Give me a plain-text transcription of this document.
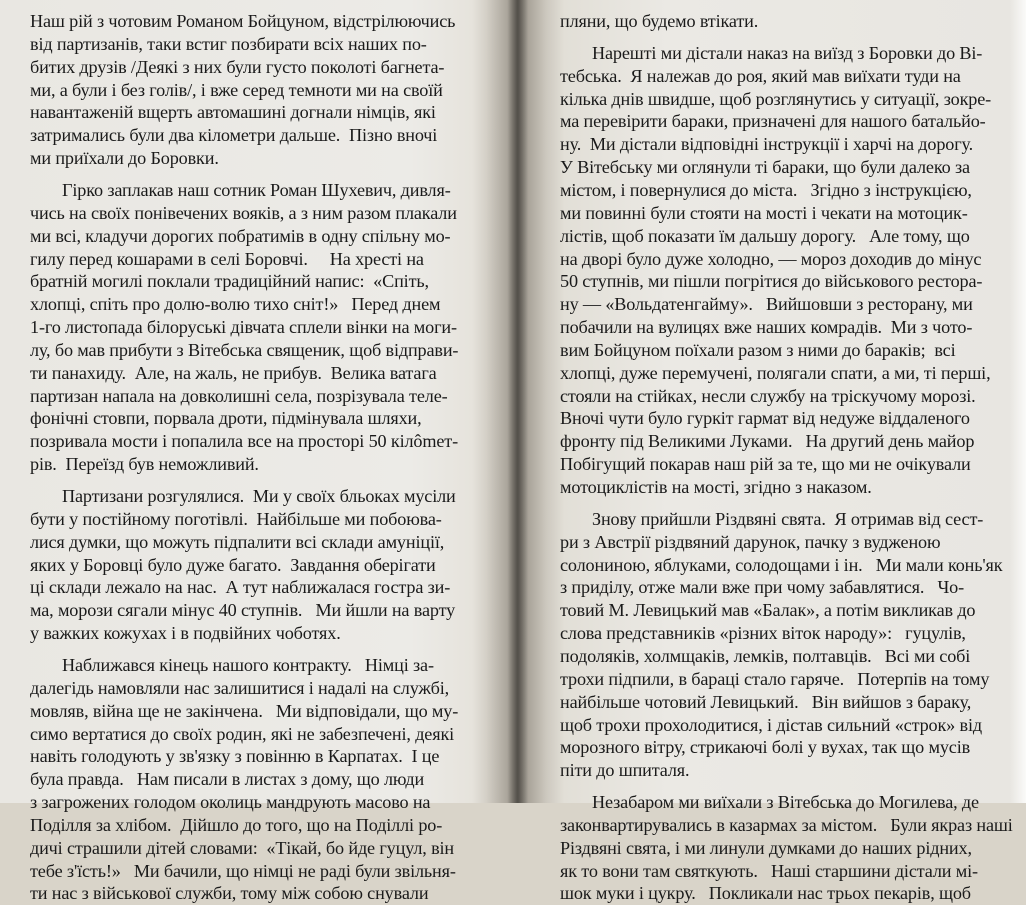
Наш рій з чотовим Романом Бойцуном, відстрілюючись
від партизанів, таки встиг позбирати всіх наших по-
битих друзів /Деякі з них були густо поколоті багнета-
ми, а були і без голів/, і вже серед темноти ми на своїй
навантаженій вщерть автомашині догнали німців, які
затримались були два кілометри дальше.  Пізно вночі
ми приїхали до Боровки.
Гірко заплакав наш сотник Роман Шухевич, дивля-
чись на своїх понівечених вояків, а з ним разом плакали
ми всі, кладучи дорогих побратимів в одну спільну мо-
гилу перед кошарами в селі Боровчі.     На хресті на
братній могилі поклали традиційний напис:  «Спіть,
хлопці, спіть про долю-волю тихо сніт!»   Перед днем
1-го листопада білоруські дівчата сплели вінки на моги-
лу, бо мав прибути з Вітебська священик, щоб відправи-
ти панахиду.  Але, на жаль, не прибув.  Велика ватага
партизан напала на довколишні села, позрізувала теле-
фонічні стовпи, порвала дроти, підмінувала шляхи,
позривала мости і попалила все на просторі 50 кілômет-
рів.  Переїзд був неможливий.
Партизани розгулялися.  Ми у своїх бльоках мусіли
бути у постійному поготівлі.  Найбільше ми побоюва-
лися думки, що можуть підпалити всі склади амуніції,
яких у Боровці було дуже багато.  Завдання оберігати
ці склади лежало на нас.  А тут наближалася гостра зи-
ма, морози сягали мінус 40 ступнів.   Ми йшли на варту
у важких кожухах і в подвійних чоботях.
Наближався кінець нашого контракту.   Німці за-
далегідь намовляли нас залишитися і надалі на службі,
мовляв, війна ще не закінчена.   Ми відповідали, що му-
симо вертатися до своїх родин, які не забезпечені, деякі
навіть голодують у зв'язку з повінню в Карпатах.  І це
була правда.   Нам писали в листах з дому, що люди
з загрожених голодом околиць мандрують масово на
Поділля за хлібом.  Дійшло до того, що на Поділлі ро-
дичі страшили дітей словами:  «Тікай, бо йде гуцул, він
тебе з'їсть!»   Ми бачили, що німці не раді були звільня-
ти нас з військової служби, тому між собою снували
пляни, що будемо втікати.
Нарешті ми дістали наказ на виїзд з Боровки до Ві-
тебська.  Я належав до роя, який мав виїхати туди на
кілька днів швидше, щоб розглянутись у ситуації, зокре-
ма перевірити бараки, призначені для нашого батальйо-
ну.  Ми дістали відповідні інструкції і харчі на дорогу.
У Вітебську ми оглянули ті бараки, що були далеко за
містом, і повернулися до міста.   Згідно з інструкцією,
ми повинні були стояти на мості і чекати на мотоцик-
лістів, щоб показати їм дальшу дорогу.   Але тому, що
на дворі було дуже холодно, — мороз доходив до мінус
50 ступнів, ми пішли погрітися до військового рестора-
ну — «Вольдатенгайму».   Вийшовши з ресторану, ми
побачили на вулицях вже наших комрадів.  Ми з чото-
вим Бойцуном поїхали разом з ними до бараків;  всі
хлопці, дуже перемучені, полягали спати, а ми, ті перші,
стояли на стійках, несли службу на тріскучому морозі.
Вночі чути було гуркіт гармат від недуже віддаленого
фронту під Великими Луками.   На другий день майор
Побігущий покарав наш рій за те, що ми не очікували
мотоциклістів на мості, згідно з наказом.
Знову прийшли Різдвяні свята.  Я отримав від сест-
ри з Австрії різдвяний дарунок, пачку з вудженою
солониною, яблуками, солодощами і ін.   Ми мали конь'як
з приділу, отже мали вже при чому забавлятися.   Чо-
товий М. Левицький мав «Балак», а потім викликав до
слова представників «різних віток народу»:   гуцулів,
подоляків, холмщаків, лемків, полтавців.   Всі ми собі
трохи підпили, в бараці стало гаряче.   Потерпів на тому
найбільше чотовий Левицький.   Він вийшов з бараку,
щоб трохи прохолодитися, і дістав сильний «строк» від
морозного вітру, стрикаючі болі у вухах, так що мусів
піти до шпиталя.
Незабаром ми виїхали з Вітебська до Могилева, де
законвартирувались в казармах за містом.   Були якраз наші
Різдвяні свята, і ми линули думками до наших рідних,
як то вони там святкують.   Наші старшини дістали мі-
шок муки і цукру.   Покликали нас трьох пекарів, щоб
